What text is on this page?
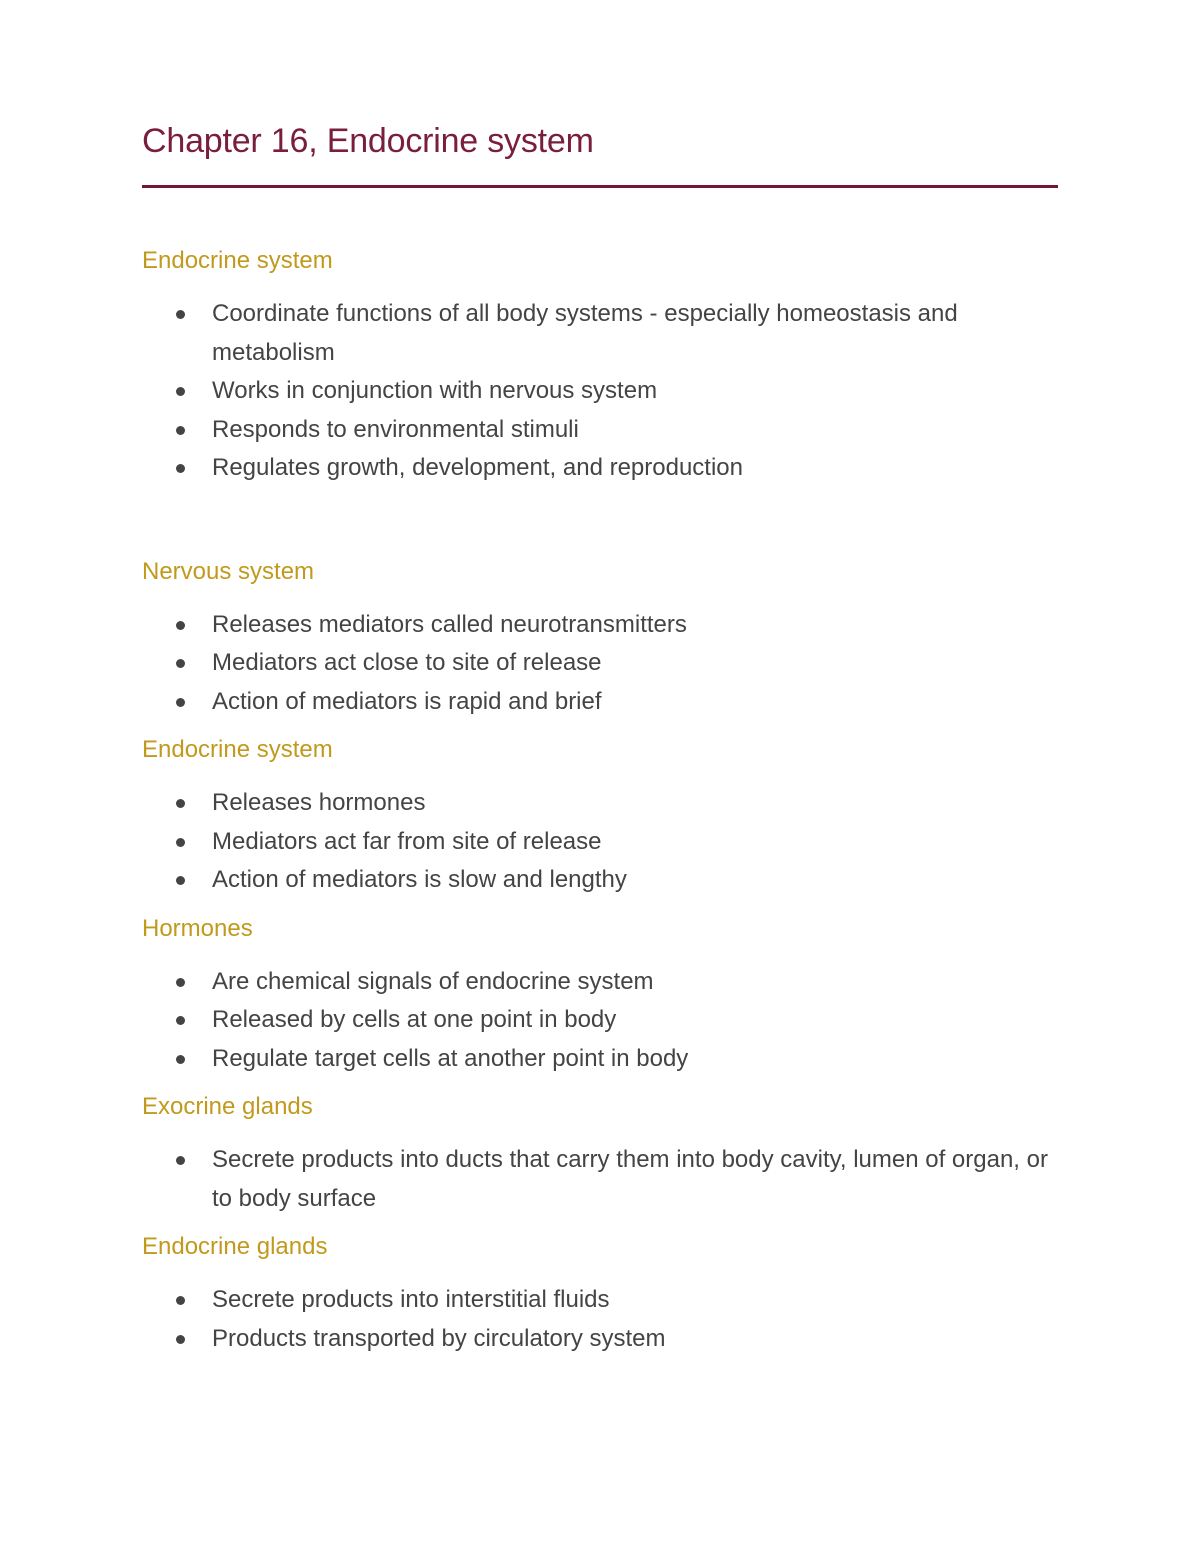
Chapter 16, Endocrine system
Endocrine system
Coordinate functions of all body systems - especially homeostasis and metabolism
Works in conjunction with nervous system
Responds to environmental stimuli
Regulates growth, development, and reproduction
Nervous system
Releases mediators called neurotransmitters
Mediators act close to site of release
Action of mediators is rapid and brief
Endocrine system
Releases hormones
Mediators act far from site of release
Action of mediators is slow and lengthy
Hormones
Are chemical signals of endocrine system
Released by cells at one point in body
Regulate target cells at another point in body
Exocrine glands
Secrete products into ducts that carry them into body cavity, lumen of organ, or to body surface
Endocrine glands
Secrete products into interstitial fluids
Products transported by circulatory system
